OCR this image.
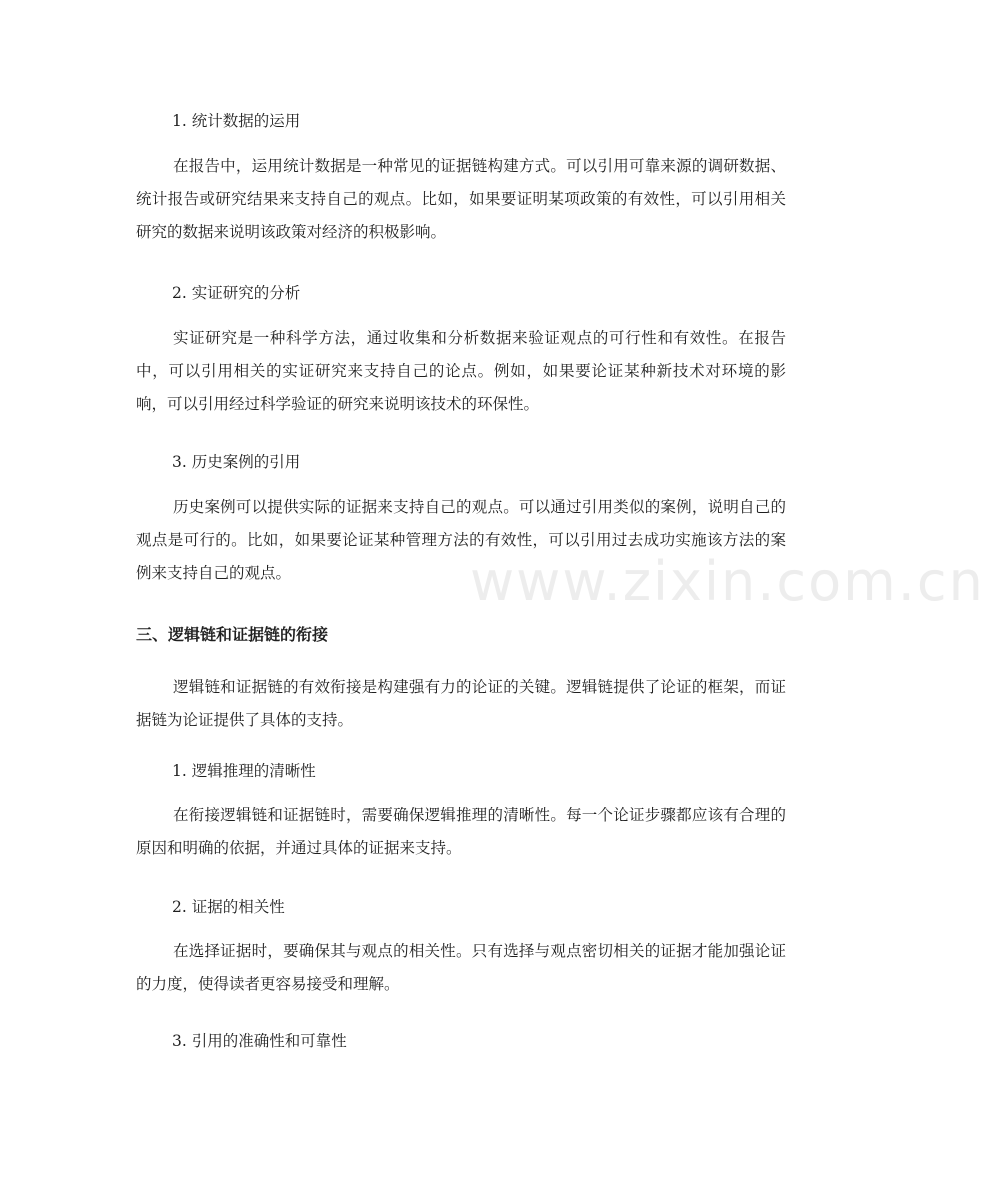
www.zixin.com.cn

1. 统计数据的运用

在报告中，运用统计数据是一种常见的证据链构建方式。可以引用可靠来源的调研数据、统计报告或研究结果来支持自己的观点。比如，如果要证明某项政策的有效性，可以引用相关研究的数据来说明该政策对经济的积极影响。

2. 实证研究的分析

实证研究是一种科学方法，通过收集和分析数据来验证观点的可行性和有效性。在报告中，可以引用相关的实证研究来支持自己的论点。例如，如果要论证某种新技术对环境的影响，可以引用经过科学验证的研究来说明该技术的环保性。

3. 历史案例的引用

历史案例可以提供实际的证据来支持自己的观点。可以通过引用类似的案例，说明自己的观点是可行的。比如，如果要论证某种管理方法的有效性，可以引用过去成功实施该方法的案例来支持自己的观点。

三、逻辑链和证据链的衔接

逻辑链和证据链的有效衔接是构建强有力的论证的关键。逻辑链提供了论证的框架，而证据链为论证提供了具体的支持。

1. 逻辑推理的清晰性

在衔接逻辑链和证据链时，需要确保逻辑推理的清晰性。每一个论证步骤都应该有合理的原因和明确的依据，并通过具体的证据来支持。

2. 证据的相关性

在选择证据时，要确保其与观点的相关性。只有选择与观点密切相关的证据才能加强论证的力度，使得读者更容易接受和理解。

3. 引用的准确性和可靠性
